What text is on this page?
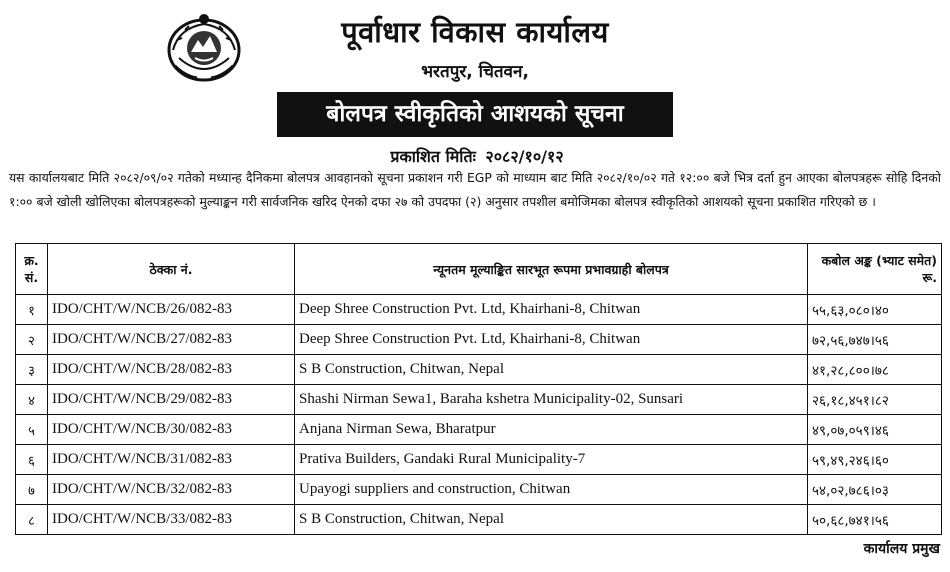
पूर्वाधार विकास कार्यालय
भरतपुर, चितवन,
बोलपत्र स्वीकृतिको आशयको सूचना
प्रकाशित मितिः २०८२/१०/१२
यस कार्यालयबाट मिति २०८२/०९/०२ गतेको मध्यान्ह दैनिकमा बोलपत्र आवहानको सूचना प्रकाशन गरी EGP को माध्याम बाट मिति २०८२/१०/०२ गते १२:०० बजे भित्र दर्ता हुन आएका बोलपत्रहरू सोहि दिनको १:०० बजे खोली खोलिएका बोलपत्रहरूको मुल्याङ्कन गरी सार्वजनिक खरिद ऐनको दफा २७ को उपदफा (२) अनुसार तपशील बमोजिमका बोलपत्र स्वीकृतिको आशयको सूचना प्रकाशित गरिएको छ ।
क्र. सं.	ठेक्का नं.	न्यूनतम मूल्याङ्कित सारभूत रूपमा प्रभावग्राही बोलपत्र	कबोल अङ्क (भ्याट समेत) रू.
१	IDO/CHT/W/NCB/26/082-83	Deep Shree Construction Pvt. Ltd, Khairhani-8, Chitwan	५५,६३,०८०।४०
२	IDO/CHT/W/NCB/27/082-83	Deep Shree Construction Pvt. Ltd, Khairhani-8, Chitwan	७२,५६,७४७।५६
३	IDO/CHT/W/NCB/28/082-83	S B Construction, Chitwan, Nepal	४१,२८,८००।७८
४	IDO/CHT/W/NCB/29/082-83	Shashi Nirman Sewa1, Baraha kshetra Municipality-02, Sunsari	२६,१८,४५१।८२
५	IDO/CHT/W/NCB/30/082-83	Anjana Nirman Sewa, Bharatpur	४९,०७,०५९।४६
६	IDO/CHT/W/NCB/31/082-83	Prativa Builders, Gandaki Rural Municipality-7	५९,४९,२४६।६०
७	IDO/CHT/W/NCB/32/082-83	Upayogi suppliers and construction, Chitwan	५४,०२,७८६।०३
८	IDO/CHT/W/NCB/33/082-83	S B Construction, Chitwan, Nepal	५०,६८,७४१।५६
कार्यालय प्रमुख
